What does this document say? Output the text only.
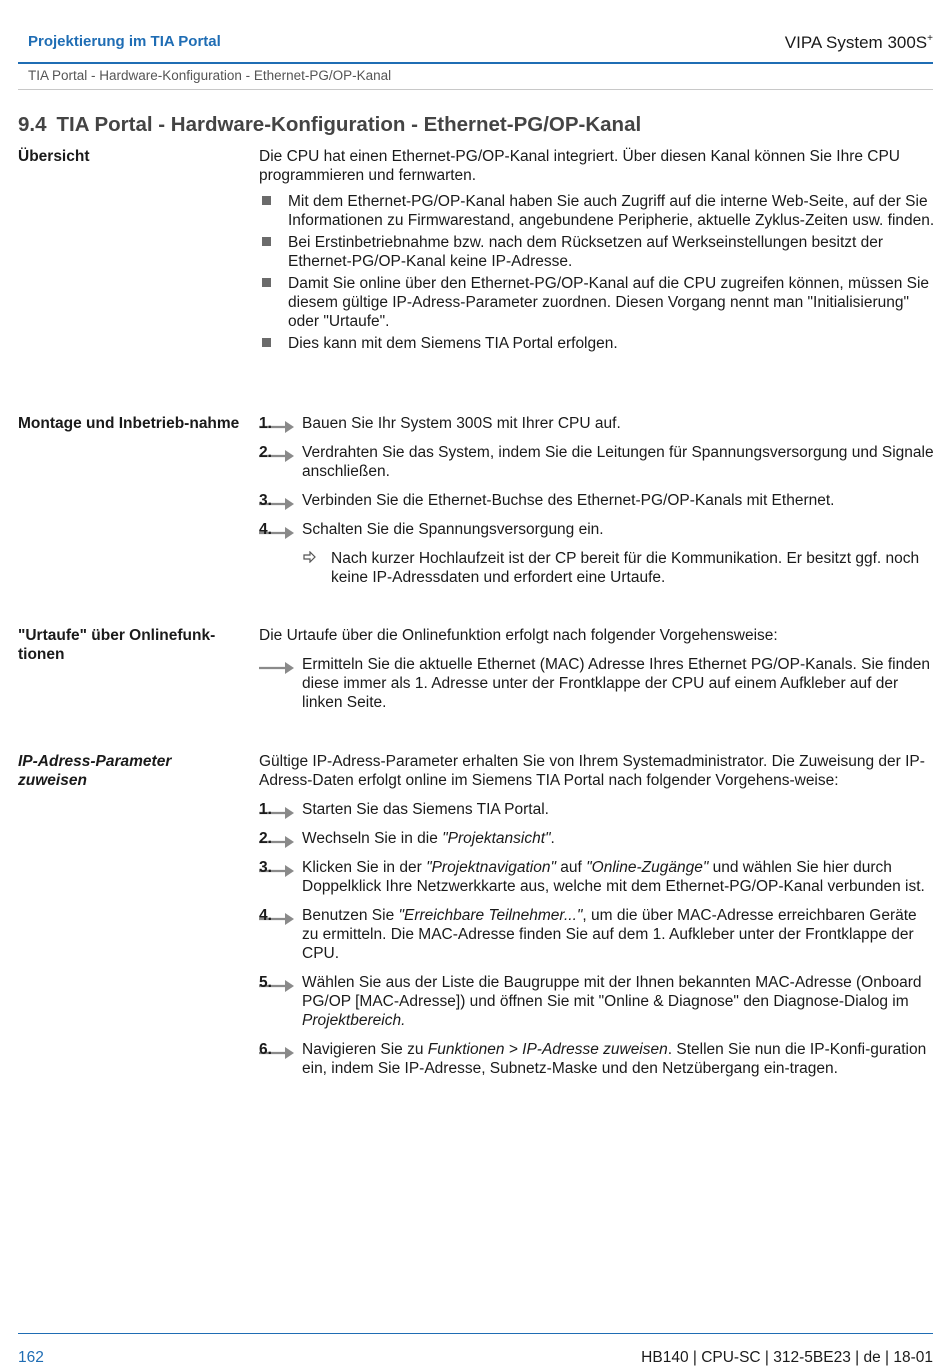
Projektierung im TIA Portal	VIPA System 300S+
TIA Portal - Hardware-Konfiguration - Ethernet-PG/OP-Kanal
9.4 TIA Portal - Hardware-Konfiguration - Ethernet-PG/OP-Kanal
Übersicht	Die CPU hat einen Ethernet-PG/OP-Kanal integriert. Über diesen Kanal können Sie Ihre CPU programmieren und fernwarten.

Mit dem Ethernet-PG/OP-Kanal haben Sie auch Zugriff auf die interne Web-Seite, auf der Sie Informationen zu Firmwarestand, angebundene Peripherie, aktuelle Zyklus-Zeiten usw. finden.
Bei Erstinbetriebnahme bzw. nach dem Rücksetzen auf Werkseinstellungen besitzt der Ethernet-PG/OP-Kanal keine IP-Adresse.
Damit Sie online über den Ethernet-PG/OP-Kanal auf die CPU zugreifen können, müssen Sie diesem gültige IP-Adress-Parameter zuordnen. Diesen Vorgang nennt man "Initialisierung" oder "Urtaufe".
Dies kann mit dem Siemens TIA Portal erfolgen.
Montage und Inbetrieb-nahme 1.	Bauen Sie Ihr System 300S mit Ihrer CPU auf.
2.	Verdrahten Sie das System, indem Sie die Leitungen für Spannungsversorgung und Signale anschließen.
3.	Verbinden Sie die Ethernet-Buchse des Ethernet-PG/OP-Kanals mit Ethernet.
4.	Schalten Sie die Spannungsversorgung ein.
Nach kurzer Hochlaufzeit ist der CP bereit für die Kommunikation. Er besitzt ggf. noch keine IP-Adressdaten und erfordert eine Urtaufe.
"Urtaufe" über Onlinefunk-tionen

Die Urtaufe über die Onlinefunktion erfolgt nach folgender Vorgehensweise:

Ermitteln Sie die aktuelle Ethernet (MAC) Adresse Ihres Ethernet PG/OP-Kanals. Sie finden diese immer als 1. Adresse unter der Frontklappe der CPU auf einem Aufkleber auf der linken Seite.
IP-Adress-Parameter zuweisen

Gültige IP-Adress-Parameter erhalten Sie von Ihrem Systemadministrator. Die Zuweisung der IP-Adress-Daten erfolgt online im Siemens TIA Portal nach folgender Vorgehens-weise:

1.	Starten Sie das Siemens TIA Portal.
2.	Wechseln Sie in die "Projektansicht".
3.	Klicken Sie in der "Projektnavigation" auf "Online-Zugänge" und wählen Sie hier durch Doppelklick Ihre Netzwerkkarte aus, welche mit dem Ethernet-PG/OP-Kanal verbunden ist.
4.	Benutzen Sie "Erreichbare Teilnehmer...", um die über MAC-Adresse erreichbaren Geräte zu ermitteln. Die MAC-Adresse finden Sie auf dem 1. Aufkleber unter der Frontklappe der CPU.
5.	Wählen Sie aus der Liste die Baugruppe mit der Ihnen bekannten MAC-Adresse (Onboard PG/OP [MAC-Adresse]) und öffnen Sie mit "Online & Diagnose" den Diagnose-Dialog im Projektbereich.
6.	Navigieren Sie zu Funktionen > IP-Adresse zuweisen. Stellen Sie nun die IP-Konfi-guration ein, indem Sie IP-Adresse, Subnetz-Maske und den Netzübergang ein-tragen.
162	HB140 | CPU-SC | 312-5BE23 | de | 18-01
